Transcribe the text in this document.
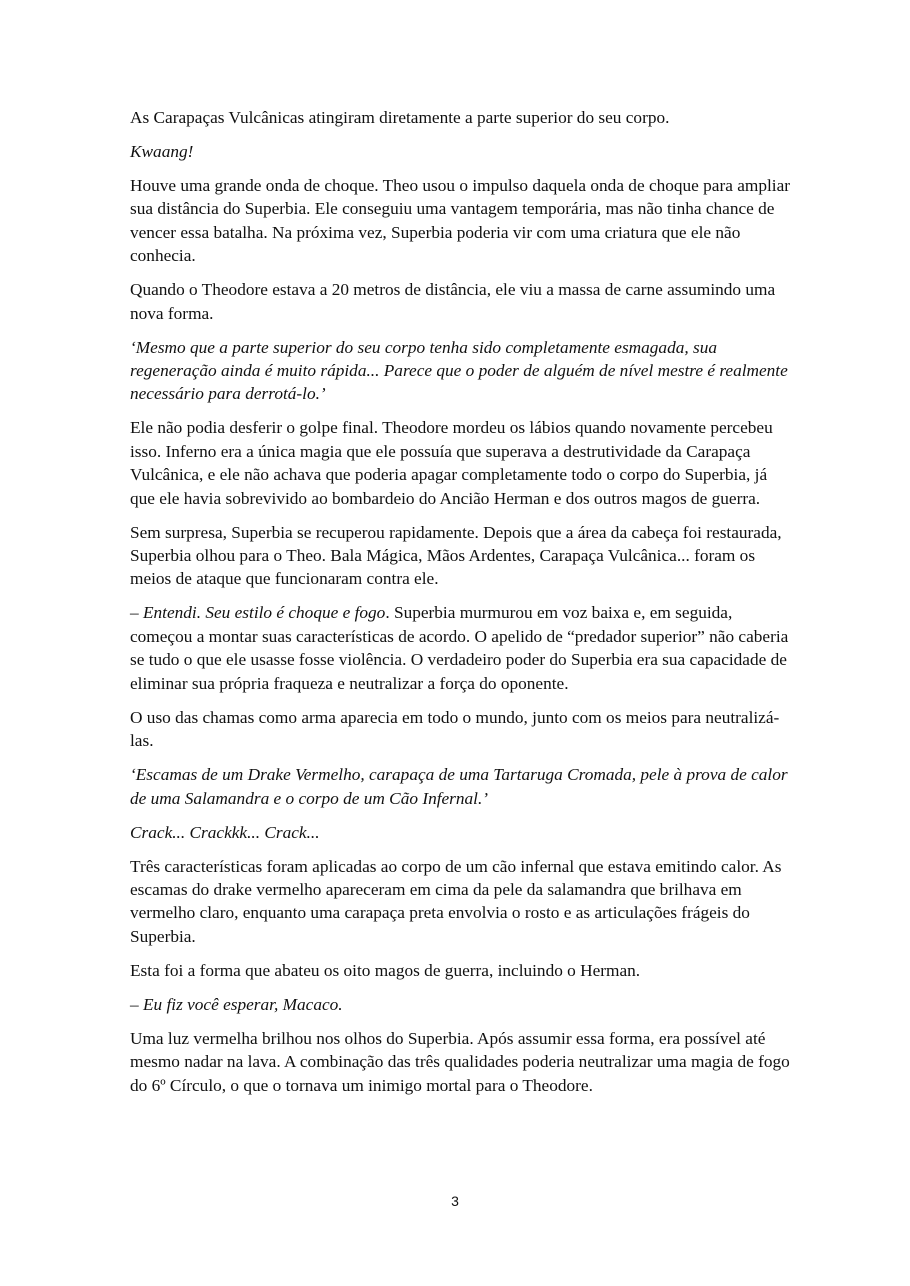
As Carapaças Vulcânicas atingiram diretamente a parte superior do seu corpo.

Kwaang!

Houve uma grande onda de choque. Theo usou o impulso daquela onda de choque para ampliar sua distância do Superbia. Ele conseguiu uma vantagem temporária, mas não tinha chance de vencer essa batalha. Na próxima vez, Superbia poderia vir com uma criatura que ele não conhecia.

Quando o Theodore estava a 20 metros de distância, ele viu a massa de carne assumindo uma nova forma.

‘Mesmo que a parte superior do seu corpo tenha sido completamente esmagada, sua regeneração ainda é muito rápida... Parece que o poder de alguém de nível mestre é realmente necessário para derrotá-lo.’

Ele não podia desferir o golpe final. Theodore mordeu os lábios quando novamente percebeu isso. Inferno era a única magia que ele possuía que superava a destrutividade da Carapaça Vulcânica, e ele não achava que poderia apagar completamente todo o corpo do Superbia, já que ele havia sobrevivido ao bombardeio do Ancião Herman e dos outros magos de guerra.

Sem surpresa, Superbia se recuperou rapidamente. Depois que a área da cabeça foi restaurada, Superbia olhou para o Theo. Bala Mágica, Mãos Ardentes, Carapaça Vulcânica... foram os meios de ataque que funcionaram contra ele.

– Entendi. Seu estilo é choque e fogo. Superbia murmurou em voz baixa e, em seguida, começou a montar suas características de acordo. O apelido de “predador superior” não caberia se tudo o que ele usasse fosse violência. O verdadeiro poder do Superbia era sua capacidade de eliminar sua própria fraqueza e neutralizar a força do oponente.

O uso das chamas como arma aparecia em todo o mundo, junto com os meios para neutralizá-las.

‘Escamas de um Drake Vermelho, carapaça de uma Tartaruga Cromada, pele à prova de calor de uma Salamandra e o corpo de um Cão Infernal.’

Crack... Crackkk... Crack...

Três características foram aplicadas ao corpo de um cão infernal que estava emitindo calor. As escamas do drake vermelho apareceram em cima da pele da salamandra que brilhava em vermelho claro, enquanto uma carapaça preta envolvia o rosto e as articulações frágeis do Superbia.

Esta foi a forma que abateu os oito magos de guerra, incluindo o Herman.

– Eu fiz você esperar, Macaco.

Uma luz vermelha brilhou nos olhos do Superbia. Após assumir essa forma, era possível até mesmo nadar na lava. A combinação das três qualidades poderia neutralizar uma magia de fogo do 6º Círculo, o que o tornava um inimigo mortal para o Theodore.

3
